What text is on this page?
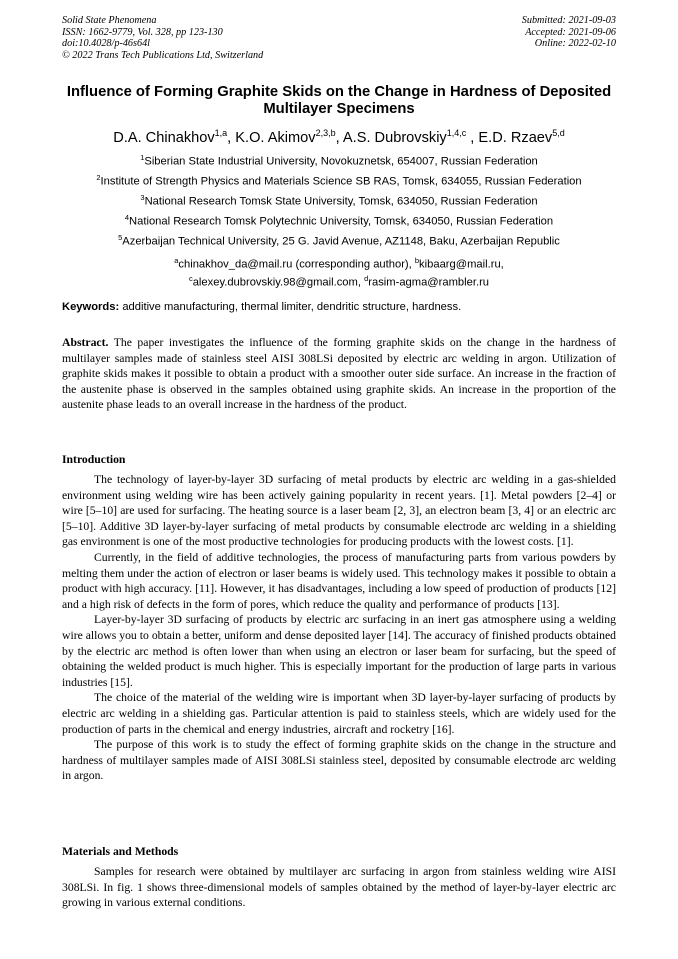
Solid State Phenomena
ISSN: 1662-9779, Vol. 328, pp 123-130
doi:10.4028/p-46s64l
© 2022 Trans Tech Publications Ltd, Switzerland
Submitted: 2021-09-03
Accepted: 2021-09-06
Online: 2022-02-10
Influence of Forming Graphite Skids on the Change in Hardness of Deposited Multilayer Specimens
D.A. Chinakhov$^{1,a}$, K.O. Akimov$^{2,3,b}$, A.S. Dubrovskiy$^{1,4,c}$ , E.D. Rzaev$^{5,d}$
$^1$Siberian State Industrial University, Novokuznetsk, 654007, Russian Federation
$^2$Institute of Strength Physics and Materials Science SB RAS, Tomsk, 634055, Russian Federation
$^3$National Research Tomsk State University, Tomsk, 634050, Russian Federation
$^4$National Research Tomsk Polytechnic University, Tomsk, 634050, Russian Federation
$^5$Azerbaijan Technical University, 25 G. Javid Avenue, AZ1148, Baku, Azerbaijan Republic
$^a$chinakhov_da@mail.ru (corresponding author), $^b$kibaarg@mail.ru,
$^c$alexey.dubrovskiy.98@gmail.com, $^d$rasim-agma@rambler.ru
Keywords: additive manufacturing, thermal limiter, dendritic structure, hardness.

Abstract. The paper investigates the influence of the forming graphite skids on the change in the hardness of multilayer samples made of stainless steel AISI 308LSi deposited by electric arc welding in argon. Utilization of graphite skids makes it possible to obtain a product with a smoother outer side surface. An increase in the fraction of the austenite phase is observed in the samples obtained using graphite skids. An increase in the proportion of the austenite phase leads to an overall increase in the hardness of the product.

Introduction

The technology of layer-by-layer 3D surfacing of metal products by electric arc welding in a gas-shielded environment using welding wire has been actively gaining popularity in recent years. [1]. Metal powders [2–4] or wire [5–10] are used for surfacing. The heating source is a laser beam [2, 3], an electron beam [3, 4] or an electric arc [5–10]. Additive 3D layer-by-layer surfacing of metal products by consumable electrode arc welding in a shielding gas environment is one of the most productive technologies for producing products with the lowest costs. [1].

Currently, in the field of additive technologies, the process of manufacturing parts from various powders by melting them under the action of electron or laser beams is widely used. This technology makes it possible to obtain a product with high accuracy. [11]. However, it has disadvantages, including a low speed of production of products [12] and a high risk of defects in the form of pores, which reduce the quality and performance of products [13].

Layer-by-layer 3D surfacing of products by electric arc surfacing in an inert gas atmosphere using a welding wire allows you to obtain a better, uniform and dense deposited layer [14]. The accuracy of finished products obtained by the electric arc method is often lower than when using an electron or laser beam for surfacing, but the speed of obtaining the welded product is much higher. This is especially important for the production of large parts in various industries [15].

The choice of the material of the welding wire is important when 3D layer-by-layer surfacing of products by electric arc welding in a shielding gas. Particular attention is paid to stainless steels, which are widely used for the production of parts in the chemical and energy industries, aircraft and rocketry [16].

The purpose of this work is to study the effect of forming graphite skids on the change in the structure and hardness of multilayer samples made of AISI 308LSi stainless steel, deposited by consumable electrode arc welding in argon.

Materials and Methods

Samples for research were obtained by multilayer arc surfacing in argon from stainless welding wire AISI 308LSi. In fig. 1 shows three-dimensional models of samples obtained by the method of layer-by-layer electric arc growing in various external conditions.
